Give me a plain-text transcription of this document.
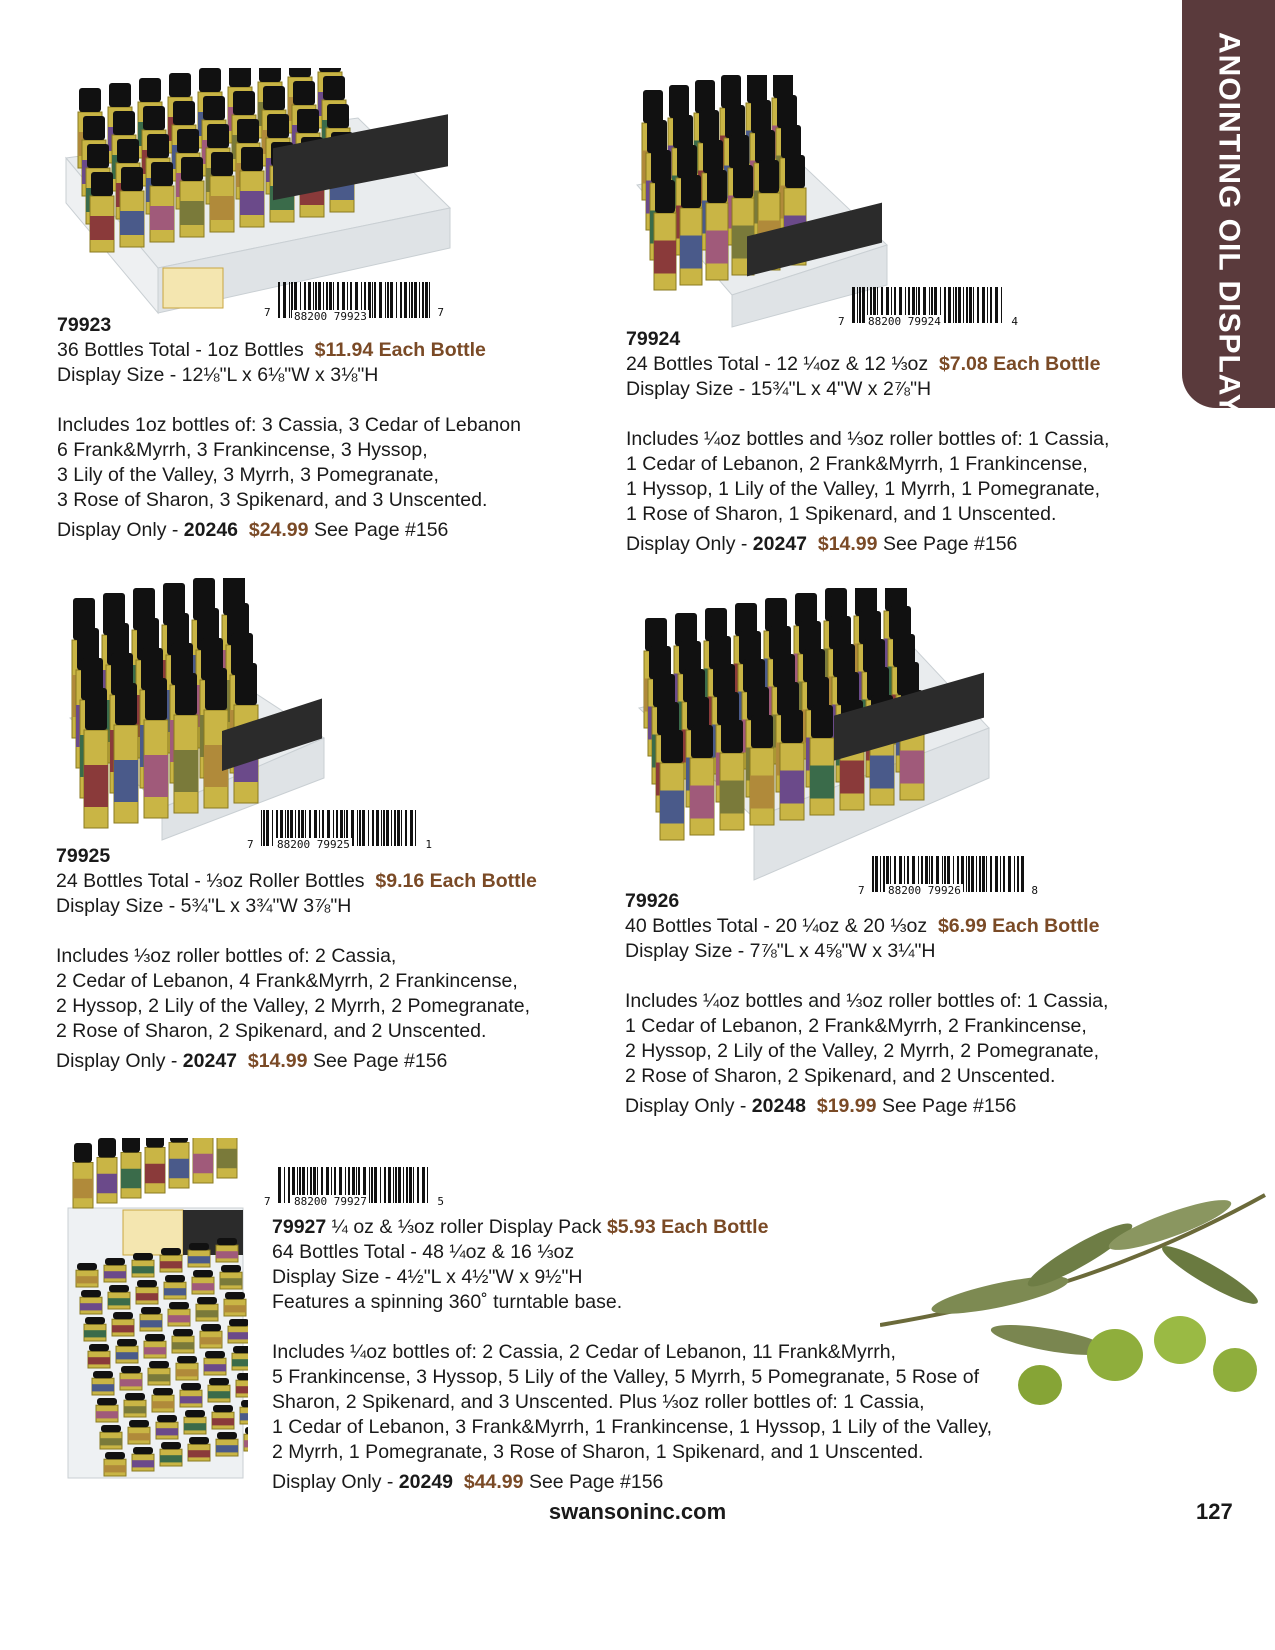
ANOINTING OIL DISPLAYS
7 88200 79923	7

79923

36 Bottles Total - 1oz Bottles $11.94 Each Bottle

Display Size - 12⅛"L x 6⅛"W x 3⅛"H

Includes 1oz bottles of: 3 Cassia, 3 Cedar of Lebanon

6 Frank&Myrrh, 3 Frankincense, 3 Hyssop,

3 Lily of the Valley, 3 Myrrh, 3 Pomegranate,

3 Rose of Sharon, 3 Spikenard, and 3 Unscented.

Display Only - 20246 $24.99 See Page #156

7 88200 79924	4

79924

24 Bottles Total - 12 ¼oz & 12 ⅓oz $7.08 Each Bottle

Display Size - 15¾"L x 4"W x 2⅞"H

Includes ¼oz bottles and ⅓oz roller bottles of: 1 Cassia,

1 Cedar of Lebanon, 2 Frank&Myrrh, 1 Frankincense,

1 Hyssop, 1 Lily of the Valley, 1 Myrrh, 1 Pomegranate,

1 Rose of Sharon, 1 Spikenard, and 1 Unscented.

Display Only - 20247 $14.99 See Page #156

7 88200 79925	1

79925

24 Bottles Total - ⅓oz Roller Bottles $9.16 Each Bottle

Display Size - 5¾"L x 3¾"W 3⅞"H

Includes ⅓oz roller bottles of: 2 Cassia,

2 Cedar of Lebanon, 4 Frank&Myrrh, 2 Frankincense,

2 Hyssop, 2 Lily of the Valley, 2 Myrrh, 2 Pomegranate,

2 Rose of Sharon, 2 Spikenard, and 2 Unscented.

Display Only - 20247 $14.99 See Page #156

7 88200 79926	8

79926

40 Bottles Total - 20 ¼oz & 20 ⅓oz $6.99 Each Bottle

Display Size - 7⅞"L x 4⅝"W x 3¼"H

Includes ¼oz bottles and ⅓oz roller bottles of: 1 Cassia,

1 Cedar of Lebanon, 2 Frank&Myrrh, 2 Frankincense,

2 Hyssop, 2 Lily of the Valley, 2 Myrrh, 2 Pomegranate,

2 Rose of Sharon, 2 Spikenard, and 2 Unscented.

Display Only - 20248 $19.99 See Page #156

7 88200 79927	5

79927 ¼ oz & ⅓oz roller Display Pack $5.93 Each Bottle

64 Bottles Total - 48 ¼oz & 16 ⅓oz

Display Size - 4½"L x 4½"W x 9½"H

Features a spinning 360˚ turntable base.

Includes ¼oz bottles of: 2 Cassia, 2 Cedar of Lebanon, 11 Frank&Myrrh,

5 Frankincense, 3 Hyssop, 5 Lily of the Valley, 5 Myrrh, 5 Pomegranate, 5 Rose of

Sharon, 2 Spikenard, and 3 Unscented. Plus ⅓oz roller bottles of: 1 Cassia,

1 Cedar of Lebanon, 3 Frank&Myrrh, 1 Frankincense, 1 Hyssop, 1 Lily of the Valley,

2 Myrrh, 1 Pomegranate, 3 Rose of Sharon, 1 Spikenard, and 1 Unscented.

Display Only - 20249 $44.99 See Page #156

swansoninc.com	127
